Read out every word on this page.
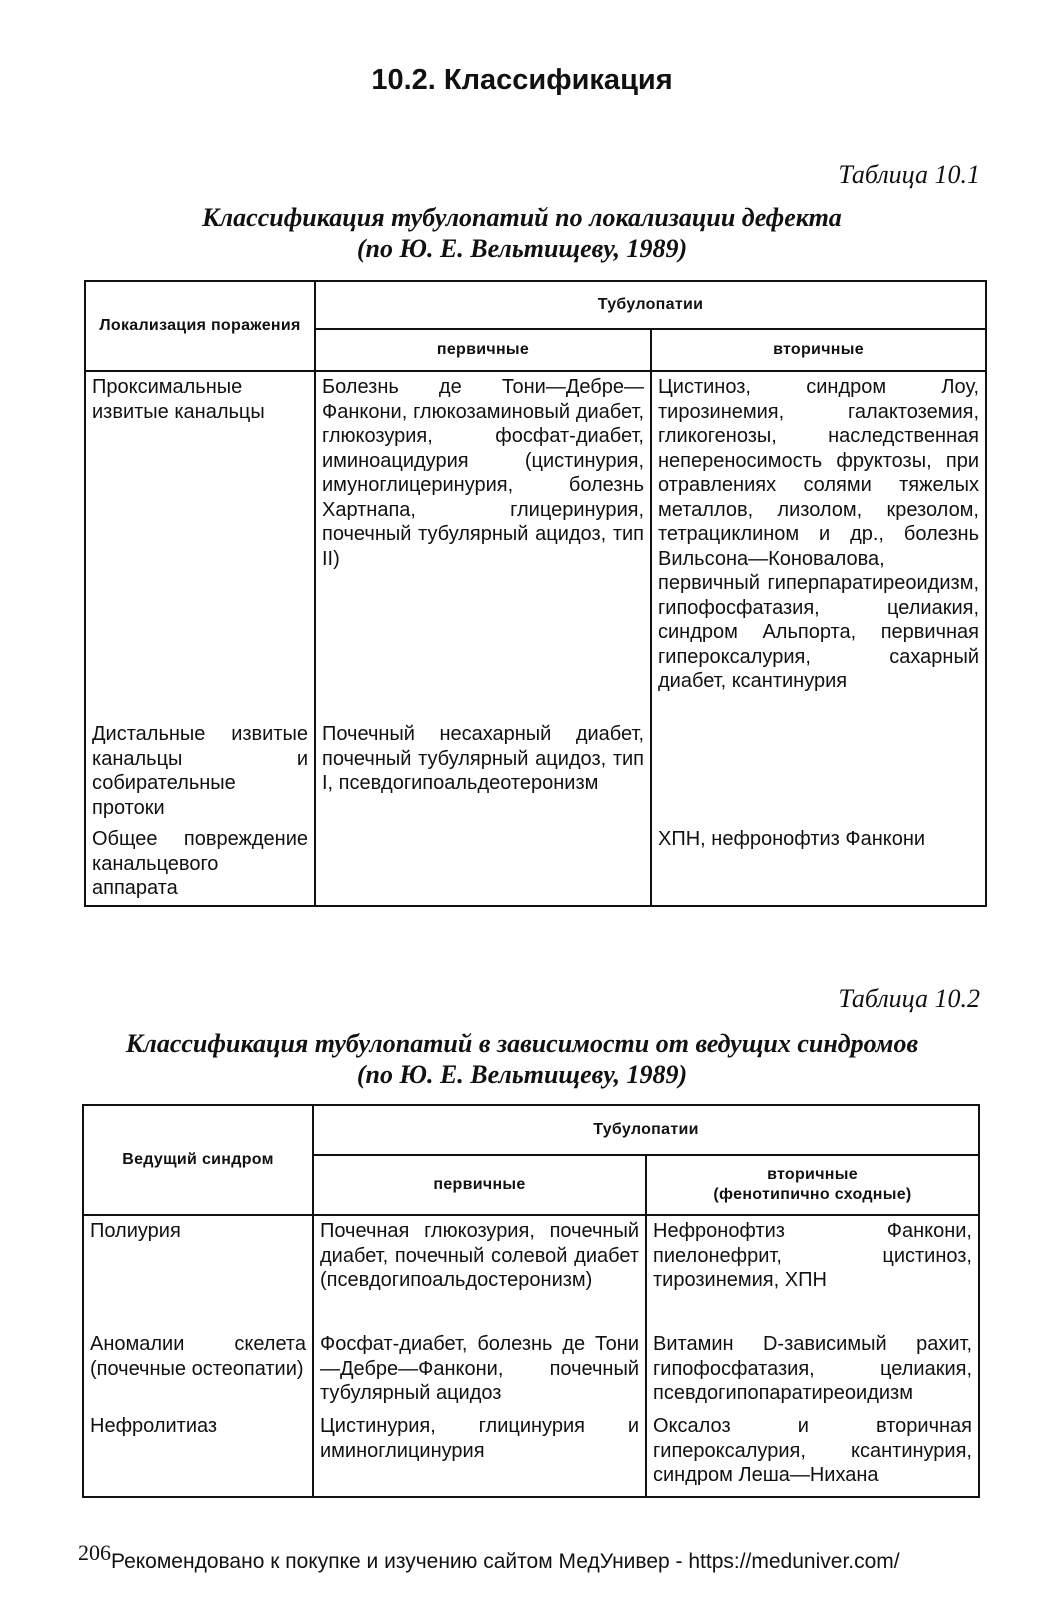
10.2. Классификация
Таблица 10.1
Классификация тубулопатий по локализации дефекта
(по Ю. Е. Вельтищеву, 1989)
Локализация поражения	Тубулопатии	
	первичные	вторичные
Проксимальные извитые канальцы	Болезнь де Тони—Дебре—Фанкони, глюкозаминовый диабет, глюкозурия, фосфат-диабет, иминоацидурия (цистинурия, имуноглицеринурия, болезнь Хартнапа, глицеринурия, почечный тубулярный ацидоз, тип II)	Цистиноз, синдром Лоу, тирозинемия, галактоземия, гликогенозы, наследственная непереносимость фруктозы, при отравлениях солями тяжелых металлов, лизолом, крезолом, тетрациклином и др., болезнь Вильсона—Коновалова, первичный гиперпаратиреоидизм, гипофосфатазия, целиакия, синдром Альпорта, первичная гипероксалурия, сахарный диабет, ксантинурия
Дистальные извитые канальцы и собирательные протоки	Почечный несахарный диабет, почечный тубулярный ацидоз, тип I, псевдогипоальдеотеронизм	
Общее повреждение канальцевого аппарата		ХПН, нефронофтиз Фанкони
Таблица 10.2
Классификация тубулопатий в зависимости от ведущих синдромов
(по Ю. Е. Вельтищеву, 1989)
Ведущий синдром	Тубулопатии	
	первичные	вторичные
(фенотипично сходные)

Полиурия	Почечная глюкозурия, почечный диабет, почечный солевой диабет (псевдогипоальдостеронизм)	Нефронофтиз Фанкони, пиелонефрит, цистиноз, тирозинемия, ХПН
Аномалии скелета (почечные остеопатии)	Фосфат-диабет, болезнь де Тони—Дебре—Фанкони, почечный тубулярный ацидоз	Витамин D-зависимый рахит, гипофосфатазия, целиакия, псевдогипопаратиреоидизм
Нефролитиаз	Цистинурия, глицинурия и иминоглицинурия	Оксалоз и вторичная гипероксалурия, ксантинурия, синдром Леша—Нихана
206Рекомендовано к покупке и изучению сайтом МедУнивер - https://meduniver.com/
